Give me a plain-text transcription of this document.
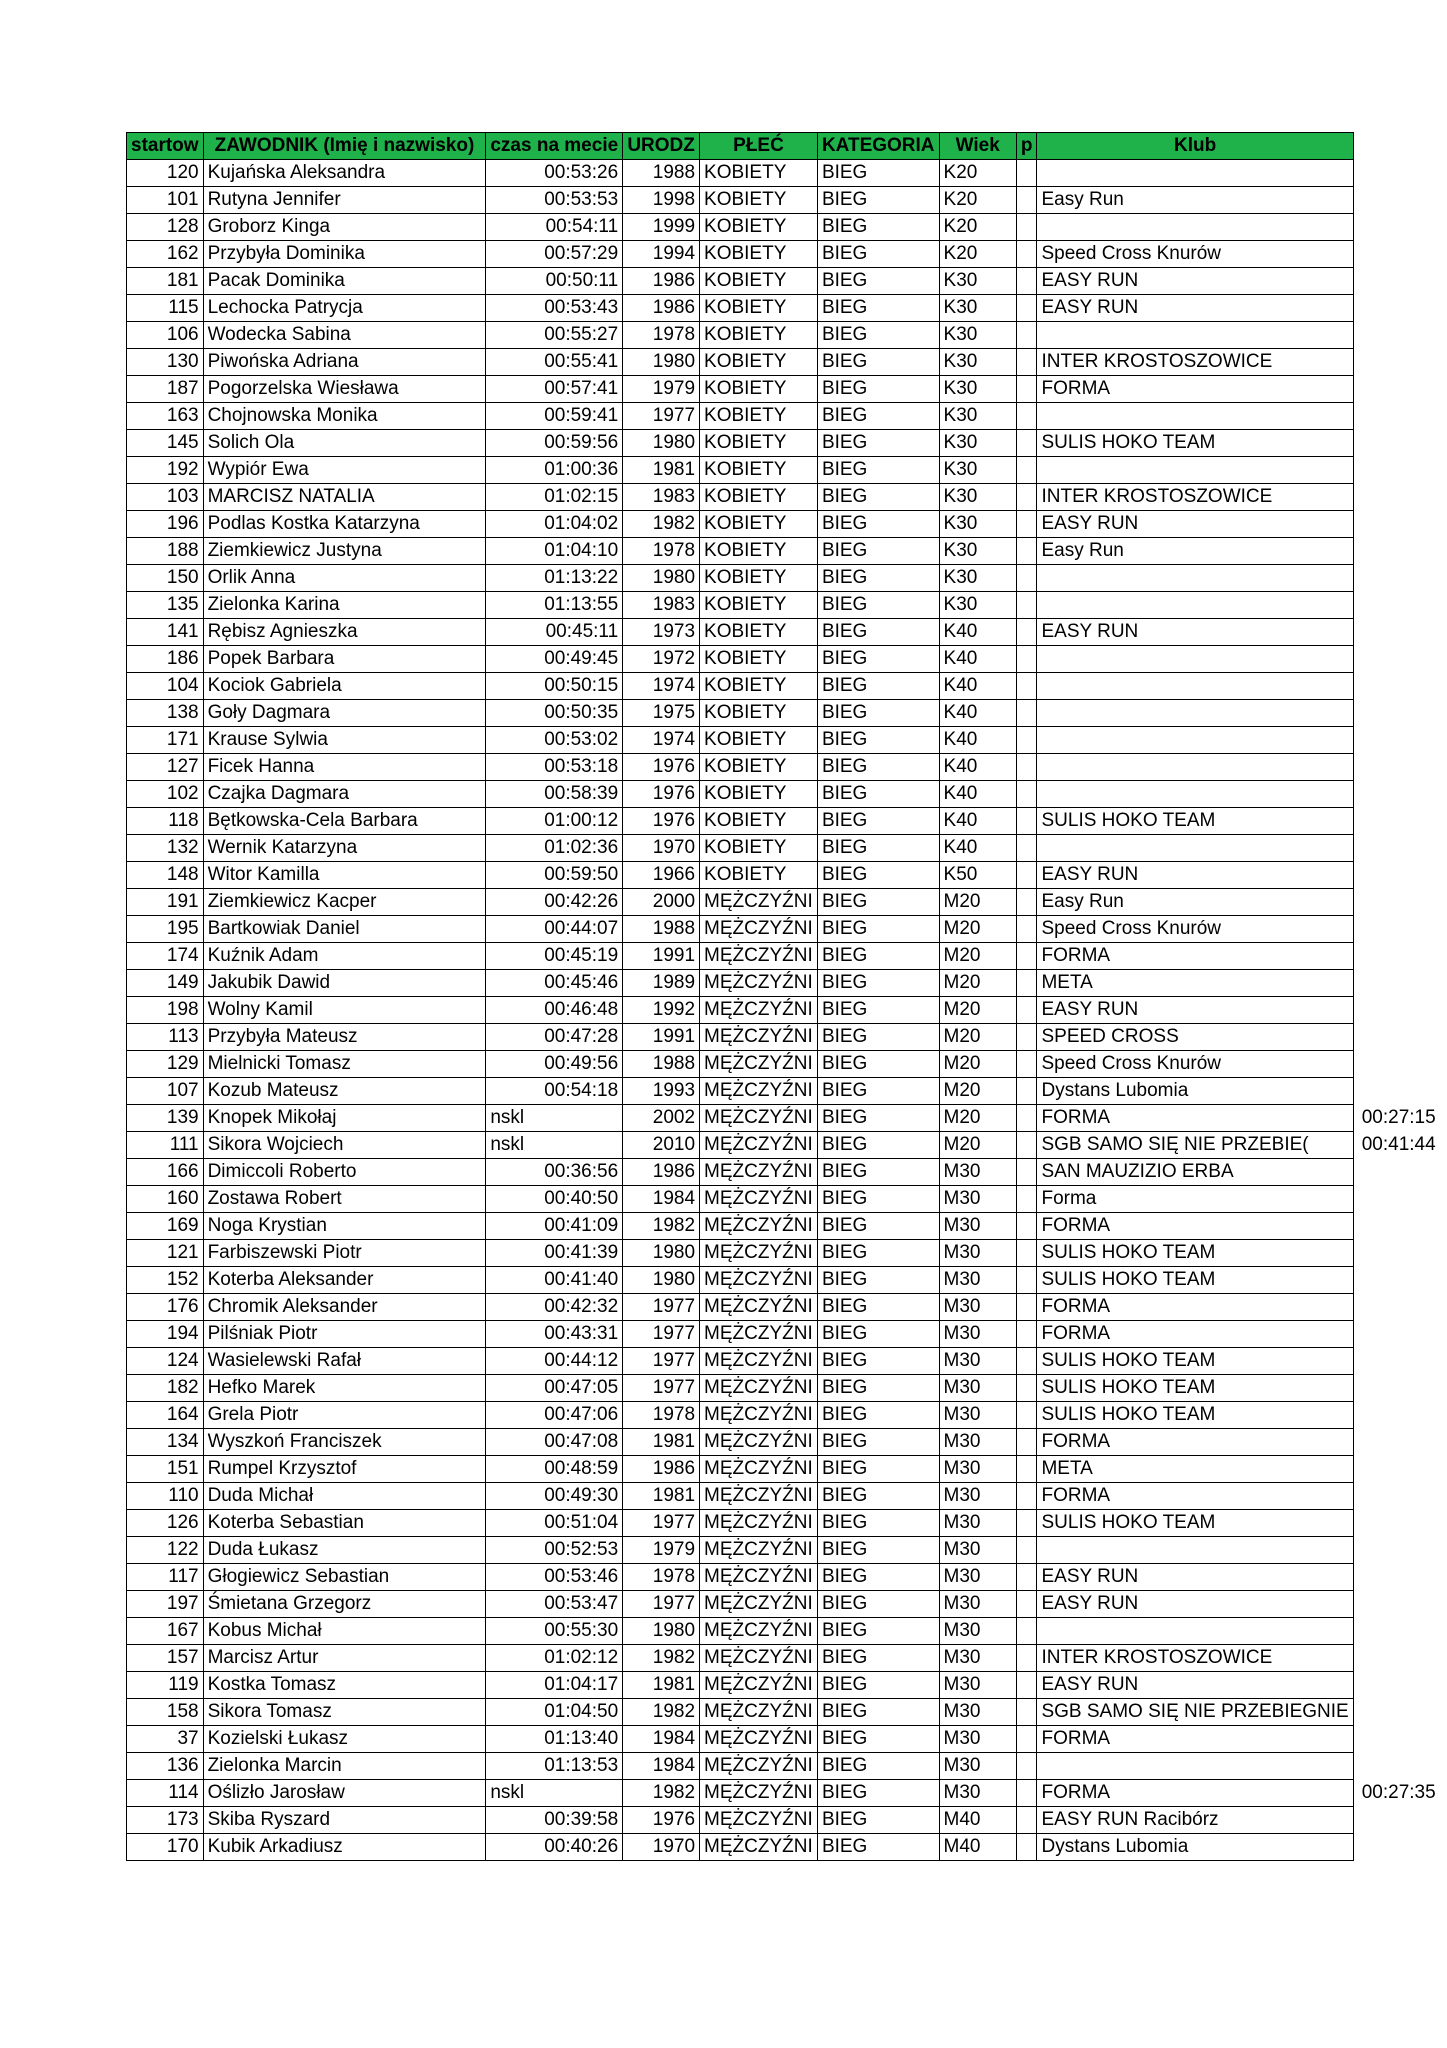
startow	ZAWODNIK (Imię i nazwisko)	czas na mecie	URODZ	PŁEĆ	KATEGORIA	Wiek	p	Klub	
120	Kujańska Aleksandra	00:53:26	1988	KOBIETY	BIEG	K20			
101	Rutyna Jennifer	00:53:53	1998	KOBIETY	BIEG	K20		Easy Run	
128	Groborz Kinga	00:54:11	1999	KOBIETY	BIEG	K20			
162	Przybyła Dominika	00:57:29	1994	KOBIETY	BIEG	K20		Speed Cross Knurów	
181	Pacak Dominika	00:50:11	1986	KOBIETY	BIEG	K30		EASY RUN	
115	Lechocka Patrycja	00:53:43	1986	KOBIETY	BIEG	K30		EASY RUN	
106	Wodecka Sabina	00:55:27	1978	KOBIETY	BIEG	K30			
130	Piwońska Adriana	00:55:41	1980	KOBIETY	BIEG	K30		INTER KROSTOSZOWICE	
187	Pogorzelska Wiesława	00:57:41	1979	KOBIETY	BIEG	K30		FORMA	
163	Chojnowska Monika	00:59:41	1977	KOBIETY	BIEG	K30			
145	Solich Ola	00:59:56	1980	KOBIETY	BIEG	K30		SULIS HOKO TEAM	
192	Wypiór Ewa	01:00:36	1981	KOBIETY	BIEG	K30			
103	MARCISZ NATALIA	01:02:15	1983	KOBIETY	BIEG	K30		INTER KROSTOSZOWICE	
196	Podlas Kostka Katarzyna	01:04:02	1982	KOBIETY	BIEG	K30		EASY RUN	
188	Ziemkiewicz Justyna	01:04:10	1978	KOBIETY	BIEG	K30		Easy Run	
150	Orlik Anna	01:13:22	1980	KOBIETY	BIEG	K30			
135	Zielonka Karina	01:13:55	1983	KOBIETY	BIEG	K30			
141	Rębisz Agnieszka	00:45:11	1973	KOBIETY	BIEG	K40		EASY RUN	
186	Popek Barbara	00:49:45	1972	KOBIETY	BIEG	K40			
104	Kociok Gabriela	00:50:15	1974	KOBIETY	BIEG	K40			
138	Goły Dagmara	00:50:35	1975	KOBIETY	BIEG	K40			
171	Krause Sylwia	00:53:02	1974	KOBIETY	BIEG	K40			
127	Ficek Hanna	00:53:18	1976	KOBIETY	BIEG	K40			
102	Czajka Dagmara	00:58:39	1976	KOBIETY	BIEG	K40			
118	Bętkowska-Cela Barbara	01:00:12	1976	KOBIETY	BIEG	K40		SULIS HOKO TEAM	
132	Wernik Katarzyna	01:02:36	1970	KOBIETY	BIEG	K40			
148	Witor Kamilla	00:59:50	1966	KOBIETY	BIEG	K50		EASY RUN	
191	Ziemkiewicz Kacper	00:42:26	2000	MĘŻCZYŹNI	BIEG	M20		Easy Run	
195	Bartkowiak Daniel	00:44:07	1988	MĘŻCZYŹNI	BIEG	M20		Speed Cross Knurów	
174	Kuźnik Adam	00:45:19	1991	MĘŻCZYŹNI	BIEG	M20		FORMA	
149	Jakubik Dawid	00:45:46	1989	MĘŻCZYŹNI	BIEG	M20		META	
198	Wolny Kamil	00:46:48	1992	MĘŻCZYŹNI	BIEG	M20		EASY RUN	
113	Przybyła Mateusz	00:47:28	1991	MĘŻCZYŹNI	BIEG	M20		SPEED CROSS	
129	Mielnicki Tomasz	00:49:56	1988	MĘŻCZYŹNI	BIEG	M20		Speed Cross Knurów	
107	Kozub Mateusz	00:54:18	1993	MĘŻCZYŹNI	BIEG	M20		Dystans Lubomia	
139	Knopek Mikołaj	nskl	2002	MĘŻCZYŹNI	BIEG	M20		FORMA	00:27:15
111	Sikora Wojciech	nskl	2010	MĘŻCZYŹNI	BIEG	M20		SGB SAMO SIĘ NIE PRZEBIE(	00:41:44
166	Dimiccoli Roberto	00:36:56	1986	MĘŻCZYŹNI	BIEG	M30		SAN MAUZIZIO ERBA	
160	Zostawa Robert	00:40:50	1984	MĘŻCZYŹNI	BIEG	M30		Forma	
169	Noga Krystian	00:41:09	1982	MĘŻCZYŹNI	BIEG	M30		FORMA	
121	Farbiszewski Piotr	00:41:39	1980	MĘŻCZYŹNI	BIEG	M30		SULIS HOKO TEAM	
152	Koterba Aleksander	00:41:40	1980	MĘŻCZYŹNI	BIEG	M30		SULIS HOKO TEAM	
176	Chromik Aleksander	00:42:32	1977	MĘŻCZYŹNI	BIEG	M30		FORMA	
194	Pilśniak Piotr	00:43:31	1977	MĘŻCZYŹNI	BIEG	M30		FORMA	
124	Wasielewski Rafał	00:44:12	1977	MĘŻCZYŹNI	BIEG	M30		SULIS HOKO TEAM	
182	Hefko Marek	00:47:05	1977	MĘŻCZYŹNI	BIEG	M30		SULIS HOKO TEAM	
164	Grela Piotr	00:47:06	1978	MĘŻCZYŹNI	BIEG	M30		SULIS HOKO TEAM	
134	Wyszkoń Franciszek	00:47:08	1981	MĘŻCZYŹNI	BIEG	M30		FORMA	
151	Rumpel Krzysztof	00:48:59	1986	MĘŻCZYŹNI	BIEG	M30		META	
110	Duda Michał	00:49:30	1981	MĘŻCZYŹNI	BIEG	M30		FORMA	
126	Koterba Sebastian	00:51:04	1977	MĘŻCZYŹNI	BIEG	M30		SULIS HOKO TEAM	
122	Duda Łukasz	00:52:53	1979	MĘŻCZYŹNI	BIEG	M30			
117	Głogiewicz Sebastian	00:53:46	1978	MĘŻCZYŹNI	BIEG	M30		EASY RUN	
197	Śmietana Grzegorz	00:53:47	1977	MĘŻCZYŹNI	BIEG	M30		EASY RUN	
167	Kobus Michał	00:55:30	1980	MĘŻCZYŹNI	BIEG	M30			
157	Marcisz Artur	01:02:12	1982	MĘŻCZYŹNI	BIEG	M30		INTER KROSTOSZOWICE	
119	Kostka Tomasz	01:04:17	1981	MĘŻCZYŹNI	BIEG	M30		EASY RUN	
158	Sikora Tomasz	01:04:50	1982	MĘŻCZYŹNI	BIEG	M30		SGB SAMO SIĘ NIE PRZEBIEGNIE	
37	Kozielski Łukasz	01:13:40	1984	MĘŻCZYŹNI	BIEG	M30		FORMA	
136	Zielonka Marcin	01:13:53	1984	MĘŻCZYŹNI	BIEG	M30			
114	Oślizło Jarosław	nskl	1982	MĘŻCZYŹNI	BIEG	M30		FORMA	00:27:35
173	Skiba Ryszard	00:39:58	1976	MĘŻCZYŹNI	BIEG	M40		EASY RUN Racibórz	
170	Kubik Arkadiusz	00:40:26	1970	MĘŻCZYŹNI	BIEG	M40		Dystans Lubomia	
